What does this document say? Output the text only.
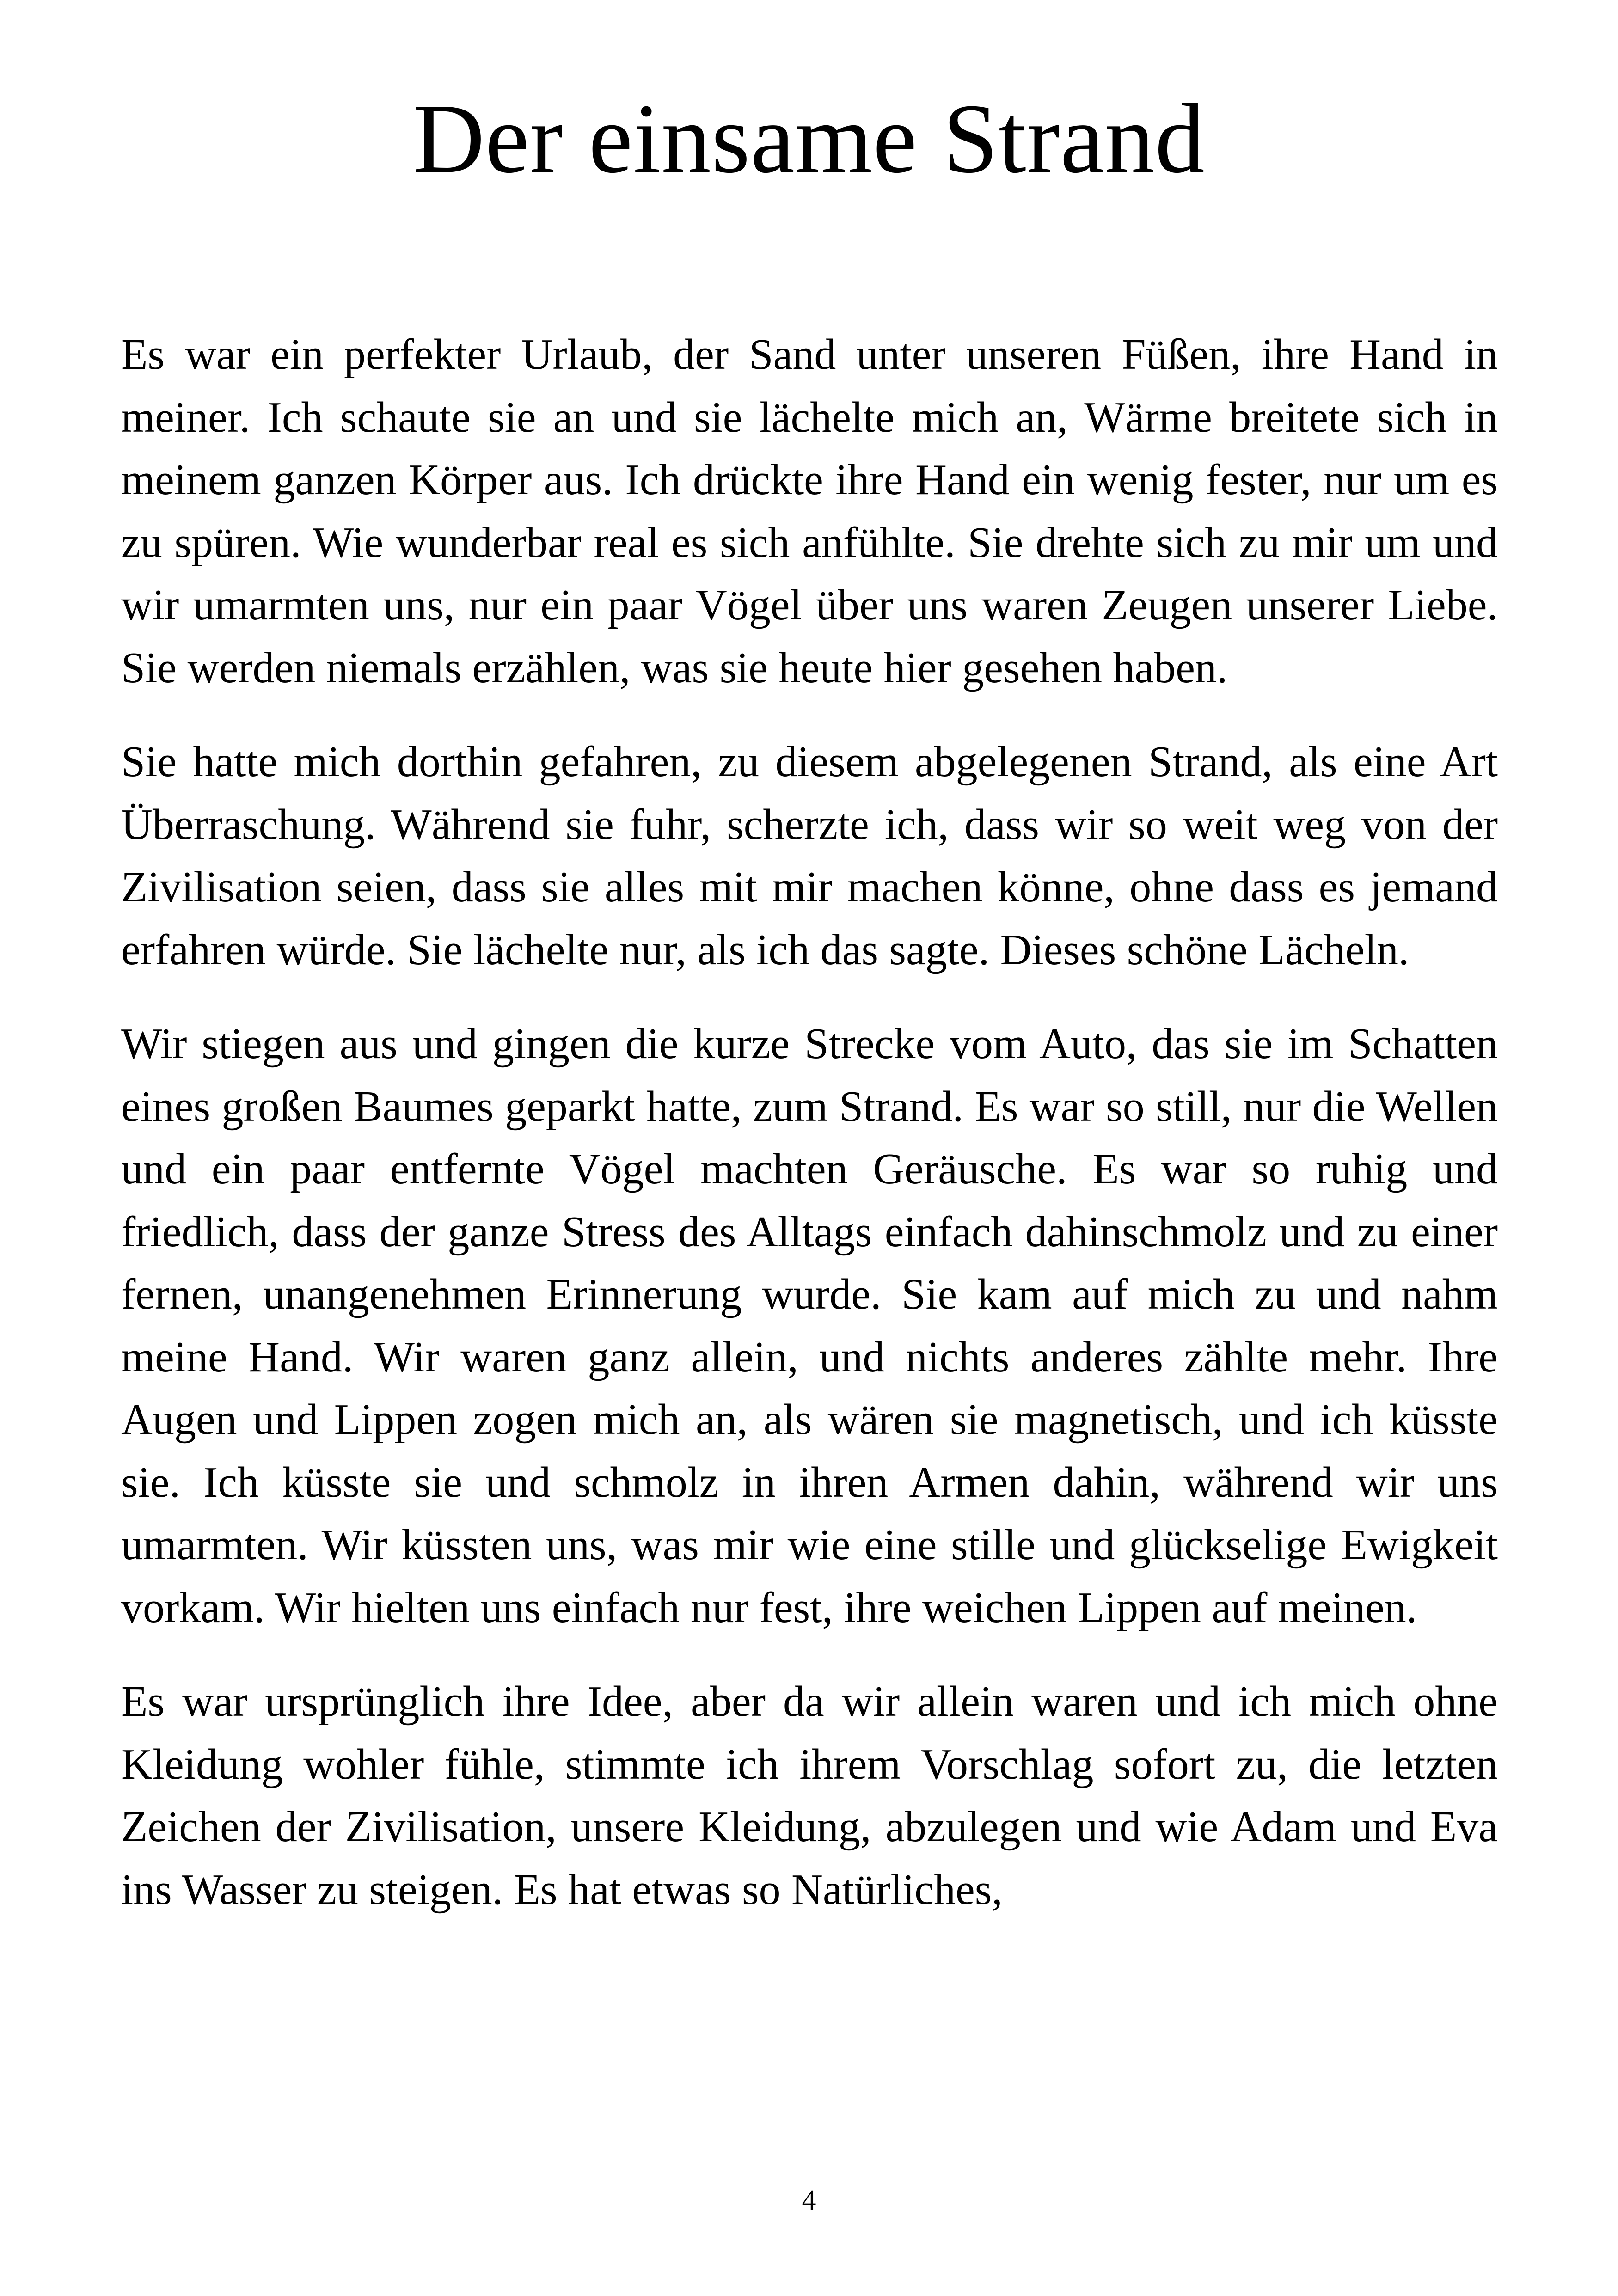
Der einsame Strand

Es war ein perfekter Urlaub, der Sand unter unseren Füßen, ihre Hand in meiner. Ich schaute sie an und sie lächelte mich an, Wärme breitete sich in meinem ganzen Körper aus. Ich drückte ihre Hand ein wenig fester, nur um es zu spüren. Wie wunderbar real es sich anfühlte. Sie drehte sich zu mir um und wir umarmten uns, nur ein paar Vögel über uns waren Zeugen unserer Liebe. Sie werden niemals erzählen, was sie heute hier gesehen haben.

Sie hatte mich dorthin gefahren, zu diesem abgelegenen Strand, als eine Art Überraschung. Während sie fuhr, scherzte ich, dass wir so weit weg von der Zivilisation seien, dass sie alles mit mir machen könne, ohne dass es jemand erfahren würde. Sie lächelte nur, als ich das sagte. Dieses schöne Lächeln.

Wir stiegen aus und gingen die kurze Strecke vom Auto, das sie im Schatten eines großen Baumes geparkt hatte, zum Strand. Es war so still, nur die Wellen und ein paar entfernte Vögel machten Geräusche. Es war so ruhig und friedlich, dass der ganze Stress des Alltags einfach dahinschmolz und zu einer fernen, unangenehmen Erinnerung wurde. Sie kam auf mich zu und nahm meine Hand. Wir waren ganz allein, und nichts anderes zählte mehr. Ihre Augen und Lippen zogen mich an, als wären sie magnetisch, und ich küsste sie. Ich küsste sie und schmolz in ihren Armen dahin, während wir uns umarmten. Wir küssten uns, was mir wie eine stille und glückselige Ewigkeit vorkam. Wir hielten uns einfach nur fest, ihre weichen Lippen auf meinen.

Es war ursprünglich ihre Idee, aber da wir allein waren und ich mich ohne Kleidung wohler fühle, stimmte ich ihrem Vorschlag sofort zu, die letzten Zeichen der Zivilisation, unsere Kleidung, abzulegen und wie Adam und Eva ins Wasser zu steigen. Es hat etwas so Natürliches,

4
